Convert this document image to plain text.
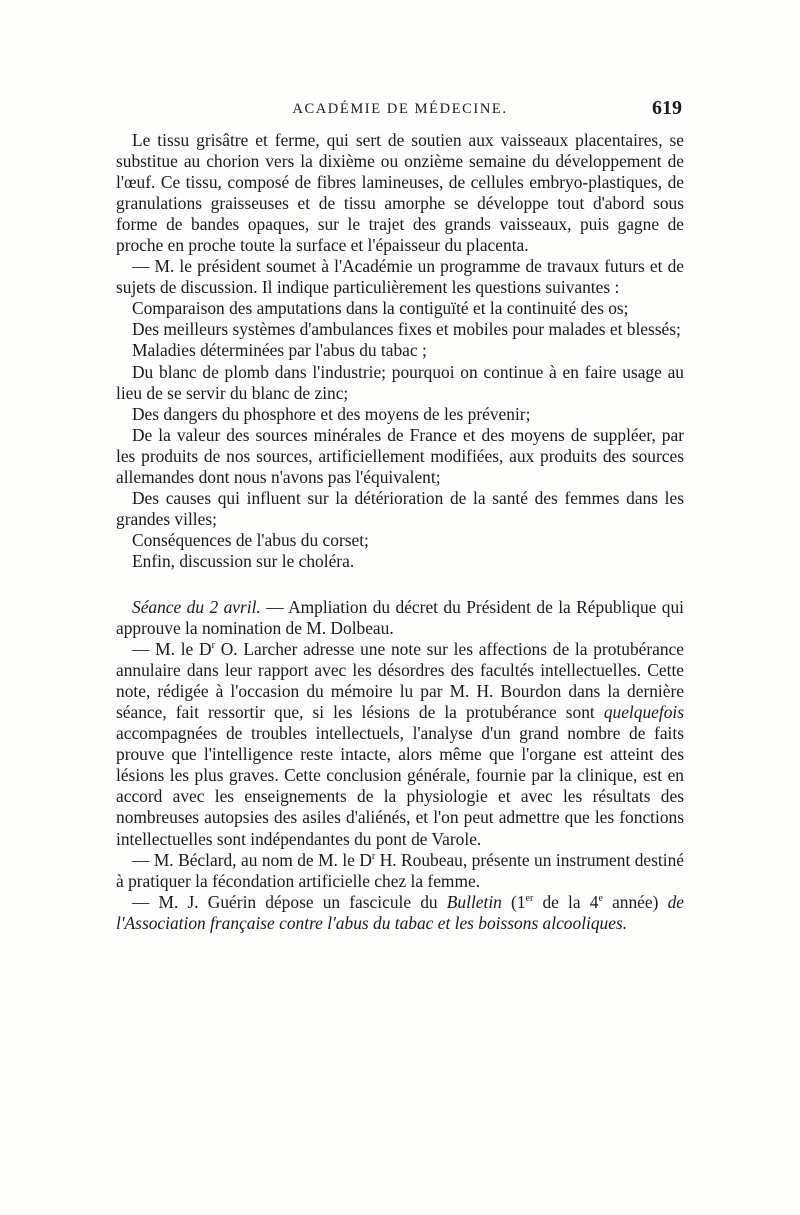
ACADÉMIE DE MÉDECINE.	619

Le tissu grisâtre et ferme, qui sert de soutien aux vaisseaux placentaires, se substitue au chorion vers la dixième ou onzième semaine du développement de l'œuf. Ce tissu, composé de fibres lamineuses, de cellules embryo-plastiques, de granulations graisseuses et de tissu amorphe se développe tout d'abord sous forme de bandes opaques, sur le trajet des grands vaisseaux, puis gagne de proche en proche toute la surface et l'épaisseur du placenta.

— M. le président soumet à l'Académie un programme de travaux futurs et de sujets de discussion. Il indique particulièrement les questions suivantes :

Comparaison des amputations dans la contiguïté et la continuité des os;

Des meilleurs systèmes d'ambulances fixes et mobiles pour malades et blessés;

Maladies déterminées par l'abus du tabac ;

Du blanc de plomb dans l'industrie; pourquoi on continue à en faire usage au lieu de se servir du blanc de zinc;

Des dangers du phosphore et des moyens de les prévenir;

De la valeur des sources minérales de France et des moyens de suppléer, par les produits de nos sources, artificiellement modifiées, aux produits des sources allemandes dont nous n'avons pas l'équivalent;

Des causes qui influent sur la détérioration de la santé des femmes dans les grandes villes;

Conséquences de l'abus du corset;

Enfin, discussion sur le choléra.

Séance du 2 avril. — Ampliation du décret du Président de la République qui approuve la nomination de M. Dolbeau.

— M. le $D^r$ O. Larcher adresse une note sur les affections de la protubérance annulaire dans leur rapport avec les désordres des facultés intellectuelles. Cette note, rédigée à l'occasion du mémoire lu par M. H. Bourdon dans la dernière séance, fait ressortir que, si les lésions de la protubérance sont quelquefois accompagnées de troubles intellectuels, l'analyse d'un grand nombre de faits prouve que l'intelligence reste intacte, alors même que l'organe est atteint des lésions les plus graves. Cette conclusion générale, fournie par la clinique, est en accord avec les enseignements de la physiologie et avec les résultats des nombreuses autopsies des asiles d'aliénés, et l'on peut admettre que les fonctions intellectuelles sont indépendantes du pont de Varole.

— M. Béclard, au nom de M. le $D^r$ H. Roubeau, présente un instrument destiné à pratiquer la fécondation artificielle chez la femme.

— M. J. Guérin dépose un fascicule du Bulletin (1er de la 4e année) de l'Association française contre l'abus du tabac et les boissons alcooliques.
